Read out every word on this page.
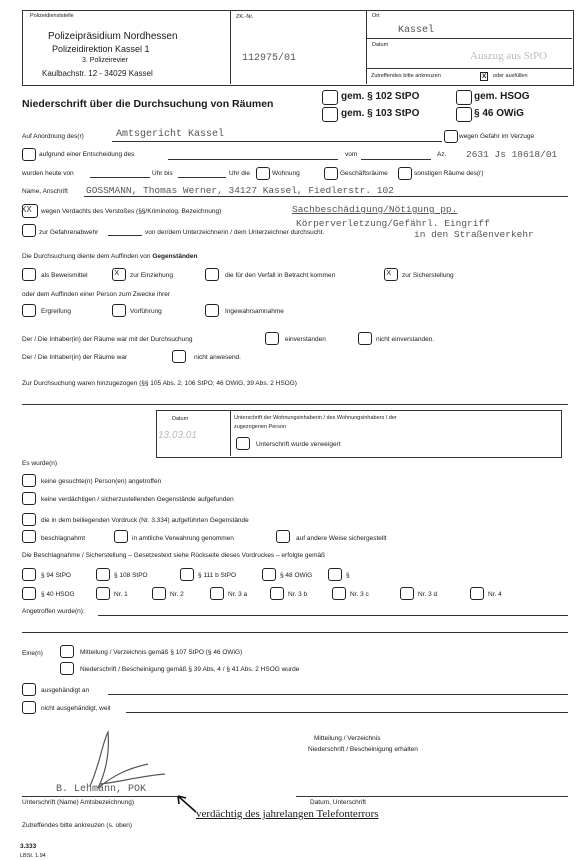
Polizeidienststelle
Polizeipräsidium Nordhessen
Polizeidirektion Kassel 1
3. Polizeirevier
Kaulbachstr. 12 - 34029 Kassel
ZK.-Nr.
112975/01
Ort
Kassel
Datum
Auszug aus StPO
Zutreffendes bitte ankreuzen	X	oder ausfüllen
Niederschrift über die Durchsuchung von Räumen
gem. § 102 StPO	gem. HSOG
gem. § 103 StPO	§ 46 OWiG
Auf Anordnung des(r)	Amtsgericht Kassel	wegen Gefahr im Verzuge
aufgrund einer Entscheidung des	vom	Az. 2631 Js 18618/01
wurden heute von	Uhr bis	Uhr die	Wohnung	Geschäftsräume	sonstigen Räume des(r)
Name, Anschrift GOSSMANN, Thomas Werner, 34127 Kassel, Fiedlerstr. 102
XX wegen Verdachts des Verstoßes (§§/Kriminolog. Bezeichnung)	Sachbeschädigung/Nötigung pp.
Körperverletzung/Gefährl. Eingriff
in den Straßenverkehr
zur Gefahrenabwehr	von der/dem Unterzeichnerin / dem Unterzeichner durchsucht.
Die Durchsuchung diente dem Auffinden von Gegenständen
als Beweismittel	x zur Einziehung	die für den Verfall in Betracht kommen	x zur Sicherstellung
oder dem Auffinden einer Person zum Zwecke ihrer
Ergreifung	Vorführung	Ingewahrsamnahme
Der / Die Inhaber(in) der Räume war mit der Durchsuchung	einverstanden	nicht einverstanden.
Der / Die Inhaber(in) der Räume war	nicht anwesend.
Zur Durchsuchung waren hinzugezogen (§§ 105 Abs. 2, 106 StPO; 46 OWiG, 39 Abs. 2 HSOG)
Datum	Unterschrift der Wohnungsinhaberin / des Wohnungsinhabers / der zugezogenen Person
13.03.01
Unterschrift wurde verweigert
Es wurde(n)
keine gesuchte(n) Person(en) angetroffen
keine verdächtigen / sicherzustellenden Gegenstände aufgefunden
die in dem beiliegenden Vordruck (Nr. 3.334) aufgeführten Gegenstände
beschlagnahmt	in amtliche Verwahrung genommen	auf andere Weise sichergestellt
Die Beschlagnahme / Sicherstellung – Gesetzestext siehe Rückseite dieses Vordruckes – erfolgte gemäß
§ 94 StPO	§ 108 StPO	§ 111 b StPO	§ 48 OWiG	§
§ 40 HSOG	Nr. 1	Nr. 2	Nr. 3 a	Nr. 3 b	Nr. 3 c	Nr. 3 d	Nr. 4
Angetroffen wurde(n):
Eine(n)	Mitteilung / Verzeichnis gemäß § 107 StPO (§ 46 OWiG)
Niederschrift / Bescheinigung gemäß § 39 Abs. 4 / § 41 Abs. 2 HSOG wurde
ausgehändigt an
nicht ausgehändigt, weil
Mitteilung / Verzeichnis
Niederschrift / Bescheinigung erhalten
B. Lehmann, POK
Unterschrift (Name) Amtsbezeichnung)	Datum, Unterschrift
verdächtig des jahrelangen Telefonterrors
Zutreffendes bitte ankreuzen (s. oben)
3.333
LBSt. 1.94
